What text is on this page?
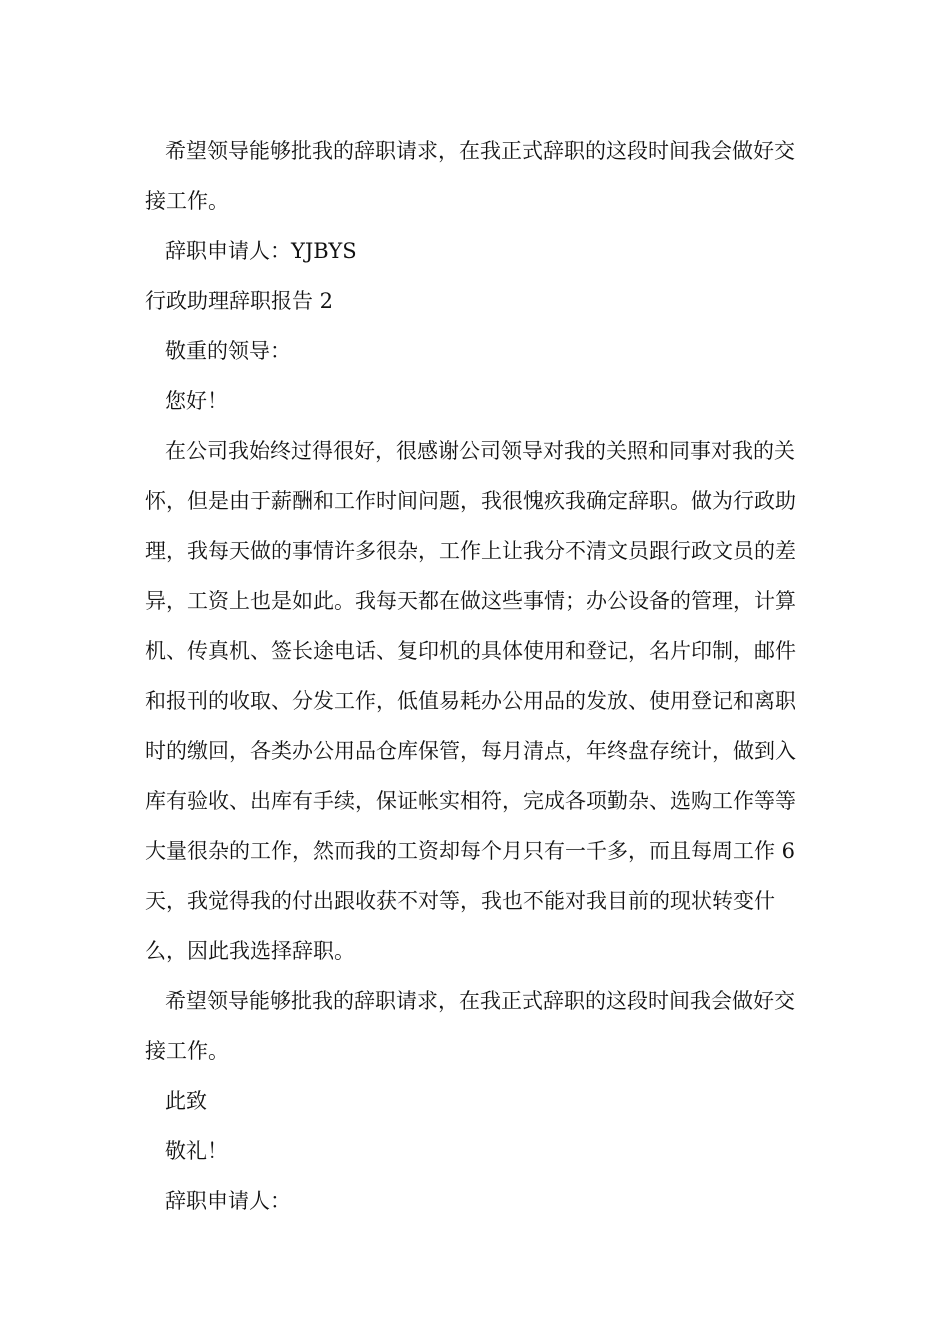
希望领导能够批我的辞职请求，在我正式辞职的这段时间我会做好交接工作。

辞职申请人：YJBYS

行政助理辞职报告 2

敬重的领导：

您好！

在公司我始终过得很好，很感谢公司领导对我的关照和同事对我的关怀，但是由于薪酬和工作时间问题，我很愧疚我确定辞职。做为行政助理，我每天做的事情许多很杂，工作上让我分不清文员跟行政文员的差异，工资上也是如此。我每天都在做这些事情；办公设备的管理，计算机、传真机、签长途电话、复印机的具体使用和登记，名片印制，邮件和报刊的收取、分发工作，低值易耗办公用品的发放、使用登记和离职时的缴回，各类办公用品仓库保管，每月清点，年终盘存统计，做到入库有验收、出库有手续，保证帐实相符，完成各项勤杂、选购工作等等大量很杂的工作，然而我的工资却每个月只有一千多，而且每周工作 6 天，我觉得我的付出跟收获不对等，我也不能对我目前的现状转变什么，因此我选择辞职。

希望领导能够批我的辞职请求，在我正式辞职的这段时间我会做好交接工作。

此致

敬礼！

辞职申请人：
